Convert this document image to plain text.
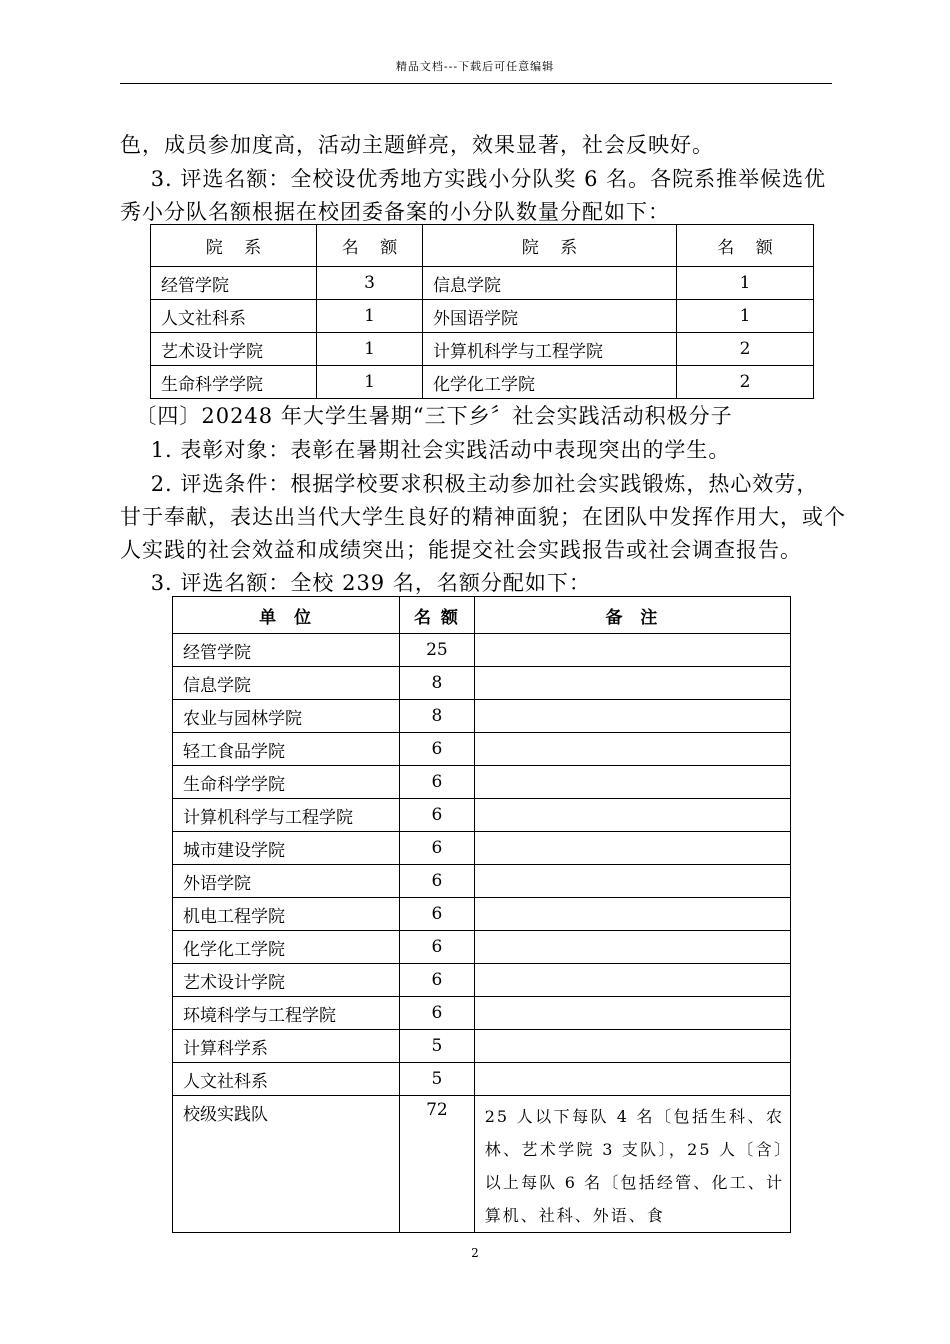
精品文档---下载后可任意编辑

色，成员参加度高，活动主题鲜亮，效果显著，社会反映好。

3. 评选名额：全校设优秀地方实践小分队奖 6 名。各院系推举候选优

秀小分队名额根据在校团委备案的小分队数量分配如下：

院    系	名    额	院    系	名    额
经管学院	3	信息学院	1
人文社科系	1	外国语学院	1
艺术设计学院	1	计算机科学与工程学院	2
生命科学学院	1	化学化工学院	2

〔四〕20248 年大学生暑期“三下乡〞社会实践活动积极分子

1. 表彰对象：表彰在暑期社会实践活动中表现突出的学生。

2. 评选条件：根据学校要求积极主动参加社会实践锻炼，热心效劳，

甘于奉献，表达出当代大学生良好的精神面貌；在团队中发挥作用大，或个

人实践的社会效益和成绩突出；能提交社会实践报告或社会调查报告。

3. 评选名额：全校 239 名，名额分配如下：

单  位	名 额	备  注
经管学院	25	
信息学院	8	
农业与园林学院	8	
轻工食品学院	6	
生命科学学院	6	
计算机科学与工程学院	6	
城市建设学院	6	
外语学院	6	
机电工程学院	6	
化学化工学院	6	
艺术设计学院	6	
环境科学与工程学院	6	
计算科学系	5	
人文社科系	5	
校级实践队	72	25 人以下每队 4 名〔包括生科、农林、艺术学院 3 支队〕，25 人〔含〕以上每队 6 名〔包括经管、化工、计算机、社科、外语、食
2
